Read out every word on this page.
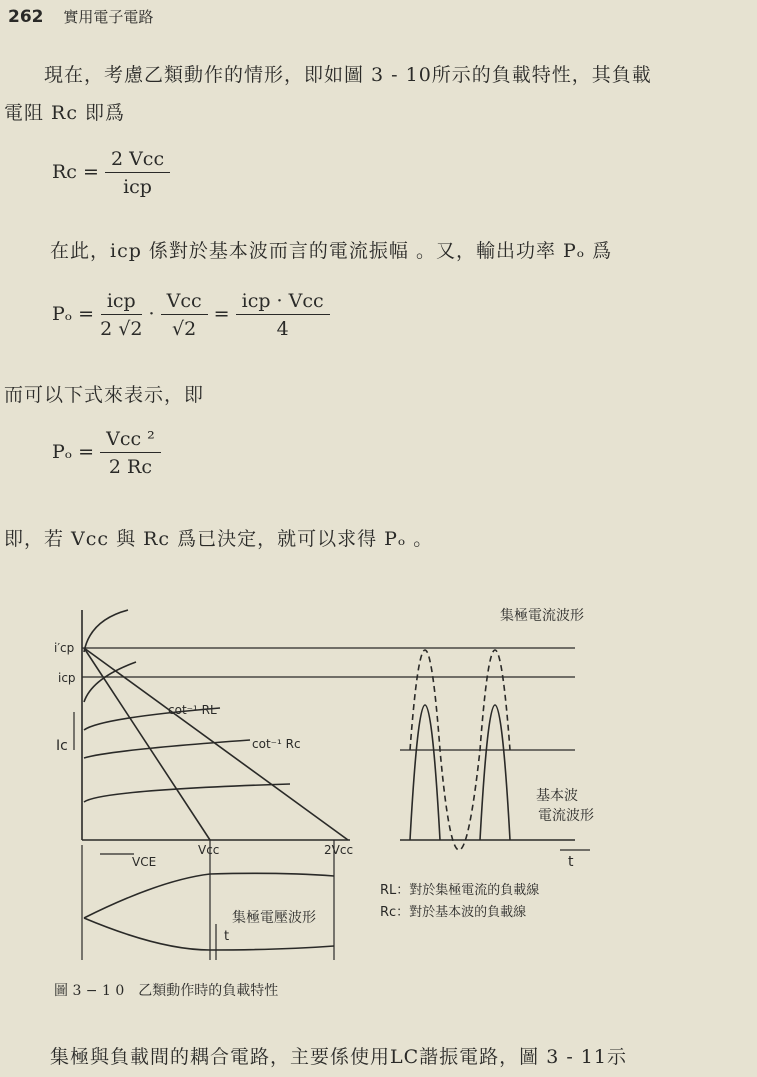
262 實用電子電路
現在，考慮乙類動作的情形，即如圖 3 - 10所示的負載特性，其負載
電阻 Rc 即爲
$Rc = \frac{\text{2 Vcc}}{\text{icp}}$
在此，icp 係對於基本波而言的電流振幅 。又，輸出功率 Pₒ 爲
$P_o = \frac{\text{icp}}{2 √2} \cdot \frac{\text{Vcc}}{√2} = \frac{\text{icp · Vcc}}{4}$
而可以下式來表示，即
$P_o = \frac{\text{Vcc ²}}{2 Rc}$
即，若 Vcc 與 Rc 爲已決定，就可以求得 Pₒ 。
i′cp
icp
Ic
cot⁻¹ RL
cot⁻¹ Rc
VCE
Vcc	2Vcc
t
t
集極電壓波形
集極電流波形
基本波
電流波形
RL：對於集極電流的負載線
Rc：對於基本波的負載線
圖 3 − 1 0　乙類動作時的負載特性
集極與負載間的耦合電路，主要係使用LC諧振電路，圖 3 - 11示
